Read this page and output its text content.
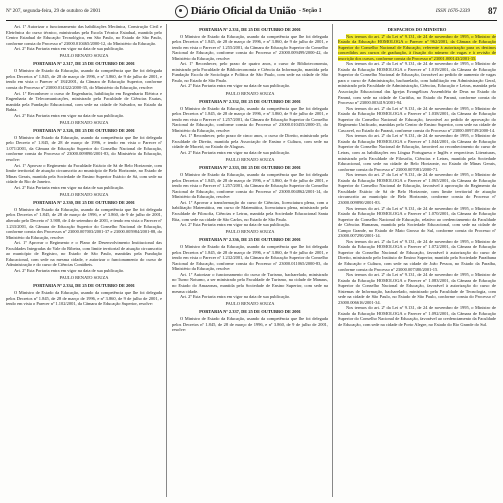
Nº 207, segunda-feira, 29 de outubro de 2001	Diário Oficial da União - Seção 1	ISSN 1676-2339 87

Art. 1º Autorizar o funcionamento das habilitações Mecânica, Construção Civil e Eletrônica do curso técnico, ministradas pela Escola Técnica Estadual, mantida pelo Centro Estadual de Educação Tecnológica, em São Paulo, no Estado de São Paulo, conforme consta do Processo nº 23000.010465/2000-12, do Ministério da Educação.

Art. 2º Esta Portaria entra em vigor na data de sua publicação.

PAULO RENATO SOUZA

PORTARIA Nº 2.317, DE 25 DE OUTUBRO DE 2001

O Ministro de Estado da Educação, usando da competência que lhe foi delegada pelos Decretos nº 1.845, de 28 de março de 1996, e nº 3.860, de 9 de julho de 2001, e tendo em vista o Parecer nº 184/2001, da Câmara de Educação Superior, conforme consta do Processo nº 23000.014322/2000-35, do Ministério da Educação, resolve:

Art. 1º Reconhecer o curso de Engenharia, habilitação em Engenharia Elétrica e Engenharia de Telecomunicações, ministrado pela Faculdade de Ciências Exatas, mantida pela Fundação Educacional, com sede na cidade de Salvador, no Estado da Bahia.

Art. 2º Esta Portaria entra em vigor na data de sua publicação.

PAULO RENATO SOUZA

PORTARIA Nº 2.326, DE 25 DE OUTUBRO DE 2001

O Ministro de Estado da Educação, usando da competência que lhe foi delegada pelo Decreto nº 1.845, de 28 de março de 1996, e tendo em vista o Parecer nº 1.071/2001, da Câmara de Educação Superior do Conselho Nacional de Educação, conforme consta do Processo nº 23000.009890/2001-83, do Ministério da Educação, resolve:

Art. 1º Aprovar o Regimento da Faculdade Estácio de Sá de Belo Horizonte, com limite territorial de atuação circunscrito ao município de Belo Horizonte, no Estado de Minas Gerais, mantida pela Sociedade de Ensino Superior Estácio de Sá, com sede na cidade do Rio de Janeiro.

Art. 2º Esta Portaria entra em vigor na data de sua publicação.

PAULO RENATO SOUZA

PORTARIA Nº 2.330, DE 25 DE OUTUBRO DE 2001

O Ministro de Estado da Educação, usando da competência que lhe foi delegada pelos Decretos nº 1.845, de 28 de março de 1996, e nº 3.860, de 9 de julho de 2001, alterado pelo Decreto nº 3.908, de 4 de setembro de 2001, e tendo em vista o Parecer nº 1.233/2001, da Câmara de Educação Superior do Conselho Nacional de Educação, conforme consta dos Processos nº 23000.007003/2001-37 e 23000.005984/2001-88, do Ministério da Educação, resolve:

Art. 1º Aprovar o Regimento e o Plano de Desenvolvimento Institucional das Faculdades Integradas do Vale do Ribeira, com limite territorial de atuação circunscrito ao município de Registro, no Estado de São Paulo, mantidas pela Fundação Educacional, com sede na mesma cidade, e autorizar o funcionamento do curso de Administração e do curso de Ciências Contábeis.

Art. 2º Esta Portaria entra em vigor na data de sua publicação.

PAULO RENATO SOUZA

PORTARIA Nº 2.334, DE 25 DE OUTUBRO DE 2001

O Ministro de Estado da Educação, usando da competência que lhe foi delegada pelos Decretos nº 1.845, de 28 de março de 1996, e nº 3.860, de 9 de julho de 2001, e tendo em vista o Parecer nº 1.102/2001, da Câmara de Educação Superior, resolve:

PORTARIA Nº 2.331, DE 25 DE OUTUBRO DE 2001

O Ministro de Estado da Educação, usando da competência que lhe foi delegada pelos Decretos nº 1.845, de 28 de março de 1996, e nº 3.860, de 9 de julho de 2001, e tendo em vista o Parecer nº 1.255/2001, da Câmara de Educação Superior do Conselho Nacional de Educação, conforme consta do Processo nº 23000.009499/2000-42, do Ministério da Educação, resolve:

Art. 1º Reconhecer, pelo prazo de quatro anos, o curso de Biblioteconomia, ministrado pela Faculdade de Biblioteconomia e Ciência da Informação, mantida pela Fundação Escola de Sociologia e Política de São Paulo, com sede na cidade de São Paulo, no Estado de São Paulo.

Art. 2º Esta Portaria entra em vigor na data de sua publicação.

PAULO RENATO SOUZA

PORTARIA Nº 2.332, DE 25 DE OUTUBRO DE 2001

O Ministro de Estado da Educação, usando da competência que lhe foi delegada pelos Decretos nº 1.845, de 28 de março de 1996, e nº 3.860, de 9 de julho de 2001, e tendo em vista o Parecer nº 1.257/2001, da Câmara de Educação Superior do Conselho Nacional de Educação, conforme consta do Processo nº 23000.010455/2000-35, do Ministério da Educação, resolve:

Art. 1º Reconhecer, pelo prazo de cinco anos, o curso de Direito, ministrado pela Faculdade de Direito, mantida pela Associação de Ensino e Cultura, com sede na cidade de Maceió, no Estado de Alagoas.

Art. 2º Esta Portaria entra em vigor na data de sua publicação.

PAULO RENATO SOUZA

PORTARIA Nº 2.333, DE 25 DE OUTUBRO DE 2001

O Ministro de Estado da Educação, usando da competência que lhe foi delegada pelos Decretos nº 1.845, de 28 de março de 1996, e nº 3.860, de 9 de julho de 2001, e tendo em vista o Parecer nº 1.257/2001, da Câmara de Educação Superior do Conselho Nacional de Educação, conforme consta do Processo nº 23000.004862/2001-14, do Ministério da Educação, resolve:

Art. 1º Aprovar a transformação do curso de Ciências, licenciatura plena, com a habilitação Matemática, em curso de Matemática, licenciatura plena, ministrado pela Faculdade de Filosofia, Ciências e Letras, mantida pela Sociedade Educacional Santa Rita, com sede na cidade de São Carlos, no Estado de São Paulo.

Art. 2º Esta Portaria entra em vigor na data de sua publicação.

PAULO RENATO SOUZA

PORTARIA Nº 2.336, DE 25 DE OUTUBRO DE 2001

O Ministro de Estado da Educação, usando da competência que lhe foi delegada pelos Decretos nº 1.845, de 28 de março de 1996, e nº 3.860, de 9 de julho de 2001, e tendo em vista o Parecer nº 1.232/2001, da Câmara de Educação Superior do Conselho Nacional de Educação, conforme consta do Processo nº 23000.011065/2000-83, do Ministério da Educação, resolve:

Art. 1º Autorizar o funcionamento do curso de Turismo, bacharelado, ministrado no Turno Noturno, a ser ministrado pela Faculdade de Turismo, na cidade de Manaus, no Estado do Amazonas, mantida pela Sociedade de Ensino Superior, com sede na mesma cidade.

Art. 2º Esta Portaria entra em vigor na data de sua publicação.

PAULO RENATO SOUZA

PORTARIA Nº 2.337, DE 25 DE OUTUBRO DE 2001

O Ministro de Estado da Educação, usando da competência que lhe foi delegada pelos Decretos nº 1.845, de 28 de março de 1996, e nº 3.860, de 9 de julho de 2001, resolve:

DESPACHOS DO MINISTRO

Nos termos do art. 2º da Lei nº 9.131, de 24 de novembro de 1995, o Ministro de Estado da Educação HOMOLOGA o Parecer nº 962/2001, da Câmara de Educação Superior do Conselho Nacional de Educação, referente à autorização para os destinos concedidos aos cursos de graduação, à fixação do número de vagas e à revisão de inscrição dos cursos, conforme consta do Processo nº 23001.000143/2001-35.

Nos termos do art. 2º da Lei nº 9.131, de 24 de novembro de 1995, o Ministro de Estado da Educação HOMOLOGA o Parecer nº 1.019/2001, da Câmara de Educação Superior do Conselho Nacional de Educação, favorável ao pedido de aumento de vagas para o curso de Administração, bacharelado, com habilitação em Administração Geral, ministrado pela Faculdade de Administração, Ciências, Educação e Letras, mantida pela Associação Educacional das Igrejas Evangélicas Assembléia de Deus no Estado do Paraná, com sede na cidade de Curitiba, no Estado do Paraná, conforme consta do Processo nº 23000.003419/2001-94.

Nos termos do art. 2º da Lei nº 9.131, de 24 de novembro de 1995, o Ministro de Estado da Educação HOMOLOGA o Parecer nº 1.038/2001, da Câmara de Educação Superior do Conselho Nacional de Educação, favorável ao pedido de aprovação do Regimento Unificado, mantidas pelo Centro de Ensino Superior, com sede na cidade de Cascavel, no Estado do Paraná, conforme consta do Processo nº 23000.009749/2000-14.

Nos termos do art. 2º da Lei nº 9.131, de 24 de novembro de 1995, o Ministro de Estado da Educação HOMOLOGA o Parecer nº 1.044/2001, da Câmara de Educação Superior do Conselho Nacional de Educação, favorável ao reconhecimento do curso de Letras, com as habilitações em Língua Portuguesa e Inglês e respectivas Literaturas, ministrado pela Faculdade de Filosofia, Ciências e Letras, mantida pela Sociedade Educacional, com sede na cidade de Belo Horizonte, no Estado de Minas Gerais, conforme consta do Processo nº 23000.007081/2000-71.

Nos termos do art. 2º da Lei nº 9.131, de 24 de novembro de 1995, o Ministro de Estado da Educação HOMOLOGA o Parecer nº 1.065/2001, da Câmara de Educação Superior do Conselho Nacional de Educação, favorável à aprovação do Regimento da Faculdade Estácio de Sá de Belo Horizonte, com limite territorial de atuação circunscrito ao município de Belo Horizonte, conforme consta do Processo nº 23000.009890/2001-83.

Nos termos do art. 2º da Lei nº 9.131, de 24 de novembro de 1995, o Ministro de Estado da Educação HOMOLOGA o Parecer nº 1.070/2001, da Câmara de Educação Superior do Conselho Nacional de Educação, relativo ao credenciamento da Faculdade de Ciências Humanas, mantida pela Sociedade Educacional, com sede na cidade de Campo Grande, no Estado de Mato Grosso do Sul, conforme consta do Processo nº 23000.007290/2001-14.

Nos termos do art. 2º da Lei nº 9.131, de 24 de novembro de 1995, o Ministro de Estado da Educação HOMOLOGA o Parecer nº 1.072/2001, da Câmara de Educação Superior do Conselho Nacional de Educação, favorável à autorização do curso de Direito, ministrado pelo Instituto de Ensino Superior, mantido pela Sociedade Paraibana de Educação e Cultura, com sede na cidade de João Pessoa, no Estado da Paraíba, conforme consta do Processo nº 23000.007380/2001-15.

Nos termos do art. 2º da Lei nº 9.131, de 24 de novembro de 1995, o Ministro de Estado da Educação HOMOLOGA o Parecer nº 1.083/2001, da Câmara de Educação Superior do Conselho Nacional de Educação, favorável à autorização do curso de Sistemas de Informação, bacharelado, ministrado pela Faculdade de Tecnologia, com sede na cidade de São Paulo, no Estado de São Paulo, conforme consta do Processo nº 23000.006616/2001-34.

Nos termos do art. 2º da Lei nº 9.131, de 24 de novembro de 1995, o Ministro de Estado da Educação HOMOLOGA o Parecer nº 1.092/2001, da Câmara de Educação Superior do Conselho Nacional de Educação, favorável ao credenciamento da Faculdade de Educação, com sede na cidade de Porto Alegre, no Estado do Rio Grande do Sul.
